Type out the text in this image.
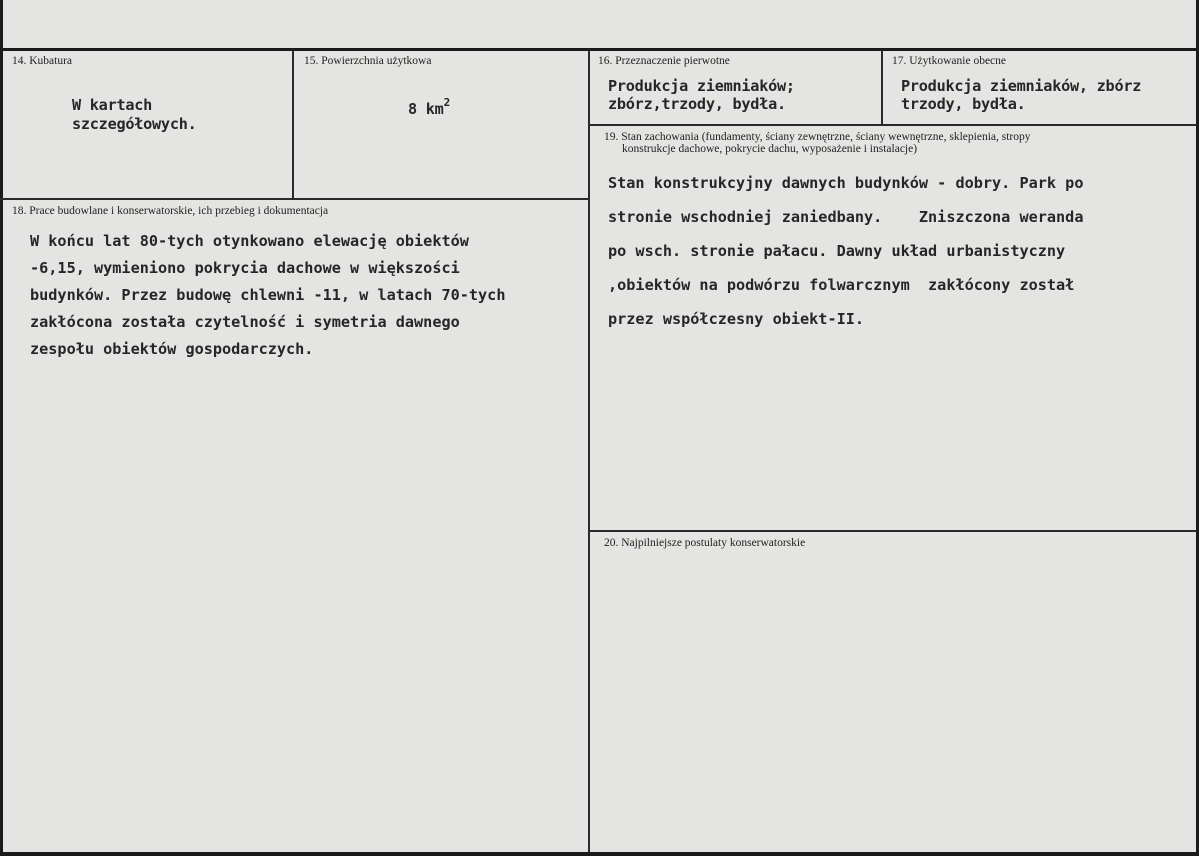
14. Kubatura
W kartach
szczegółowych.
15. Powierzchnia użytkowa
8 $km^2$
16. Przeznaczenie pierwotne
Produkcja ziemniaków;
zbórz,trzody, bydła.
17. Użytkowanie obecne
Produkcja ziemniaków, zbórz
trzody, bydła.
18. Prace budowlane i konserwatorskie, ich przebieg i dokumentacja
W końcu lat 80-tych otynkowano elewację obiektów
-6,15, wymieniono pokrycia dachowe w większości
budynków. Przez budowę chlewni -11, w latach 70-tych
zakłócona została czytelność i symetria dawnego
zespołu obiektów gospodarczych.
19. Stan zachowania (fundamenty, ściany zewnętrzne, ściany wewnętrzne, sklepienia, stropy
konstrukcje dachowe, pokrycie dachu, wyposażenie i instalacje)
Stan konstrukcyjny dawnych budynków - dobry. Park po
stronie wschodniej zaniedbany.    Zniszczona weranda
po wsch. stronie pałacu. Dawny układ urbanistyczny
,obiektów na podwórzu folwarcznym  zakłócony został
przez współczesny obiekt-II.
20. Najpilniejsze postulaty konserwatorskie
